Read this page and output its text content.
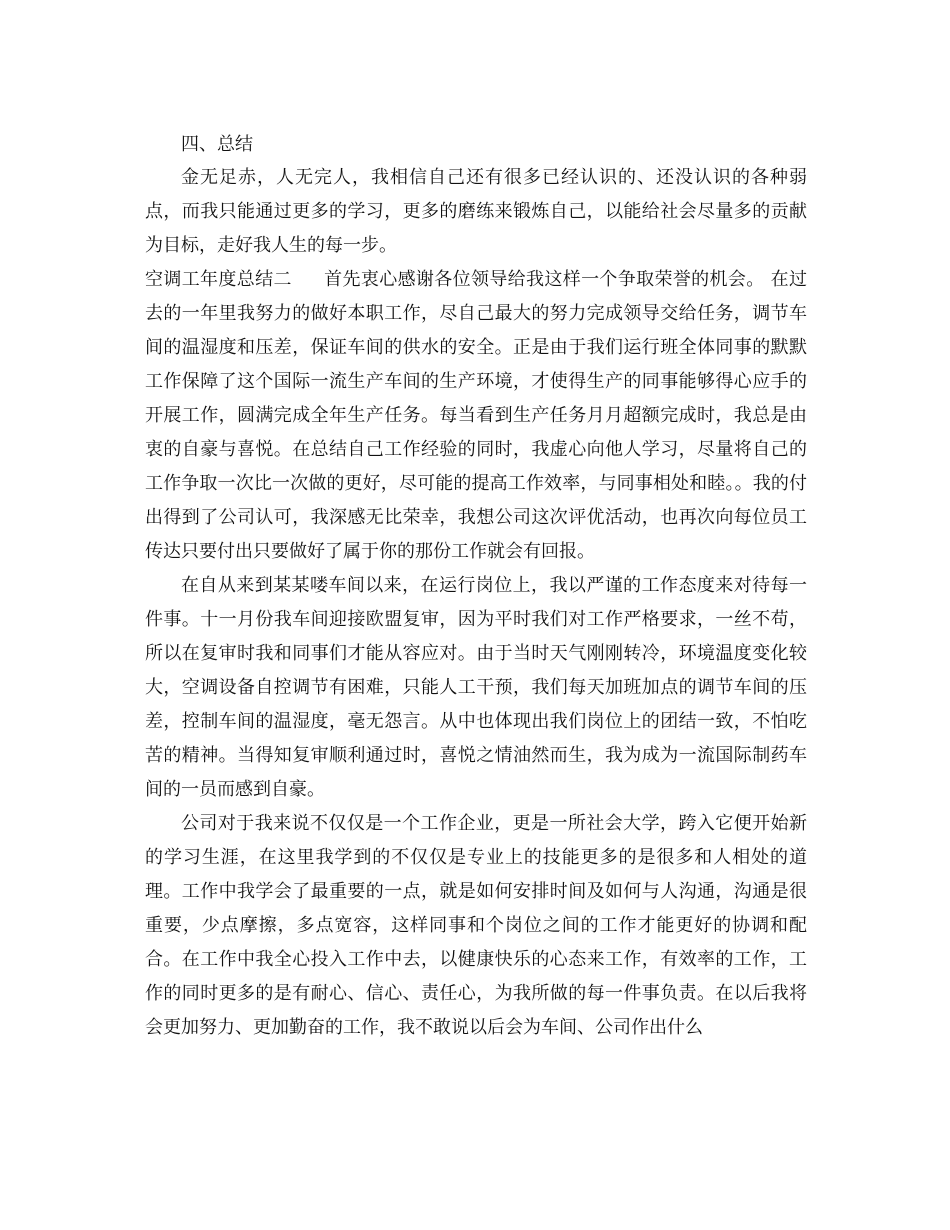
四、总结

金无足赤，人无完人，我相信自己还有很多已经认识的、还没认识的各种弱点，而我只能通过更多的学习，更多的磨练来锻炼自己，以能给社会尽量多的贡献为目标，走好我人生的每一步。

空调工年度总结二 首先衷心感谢各位领导给我这样一个争取荣誉的机会。 在过去的一年里我努力的做好本职工作，尽自己最大的努力完成领导交给任务，调节车间的温湿度和压差，保证车间的供水的安全。正是由于我们运行班全体同事的默默工作保障了这个国际一流生产车间的生产环境，才使得生产的同事能够得心应手的开展工作，圆满完成全年生产任务。每当看到生产任务月月超额完成时，我总是由衷的自豪与喜悦。在总结自己工作经验的同时，我虚心向他人学习，尽量将自己的工作争取一次比一次做的更好，尽可能的提高工作效率，与同事相处和睦。。我的付出得到了公司认可，我深感无比荣幸，我想公司这次评优活动，也再次向每位员工传达只要付出只要做好了属于你的那份工作就会有回报。

在自从来到某某喽车间以来，在运行岗位上，我以严谨的工作态度来对待每一件事。十一月份我车间迎接欧盟复审，因为平时我们对工作严格要求，一丝不苟，所以在复审时我和同事们才能从容应对。由于当时天气刚刚转冷，环境温度变化较大，空调设备自控调节有困难，只能人工干预，我们每天加班加点的调节车间的压差，控制车间的温湿度，毫无怨言。从中也体现出我们岗位上的团结一致，不怕吃苦的精神。当得知复审顺利通过时，喜悦之情油然而生，我为成为一流国际制药车间的一员而感到自豪。

公司对于我来说不仅仅是一个工作企业，更是一所社会大学，跨入它便开始新的学习生涯，在这里我学到的不仅仅是专业上的技能更多的是很多和人相处的道理。工作中我学会了最重要的一点，就是如何安排时间及如何与人沟通，沟通是很重要，少点摩擦，多点宽容，这样同事和个岗位之间的工作才能更好的协调和配合。在工作中我全心投入工作中去，以健康快乐的心态来工作，有效率的工作，工作的同时更多的是有耐心、信心、责任心，为我所做的每一件事负责。在以后我将会更加努力、更加勤奋的工作，我不敢说以后会为车间、公司作出什么
